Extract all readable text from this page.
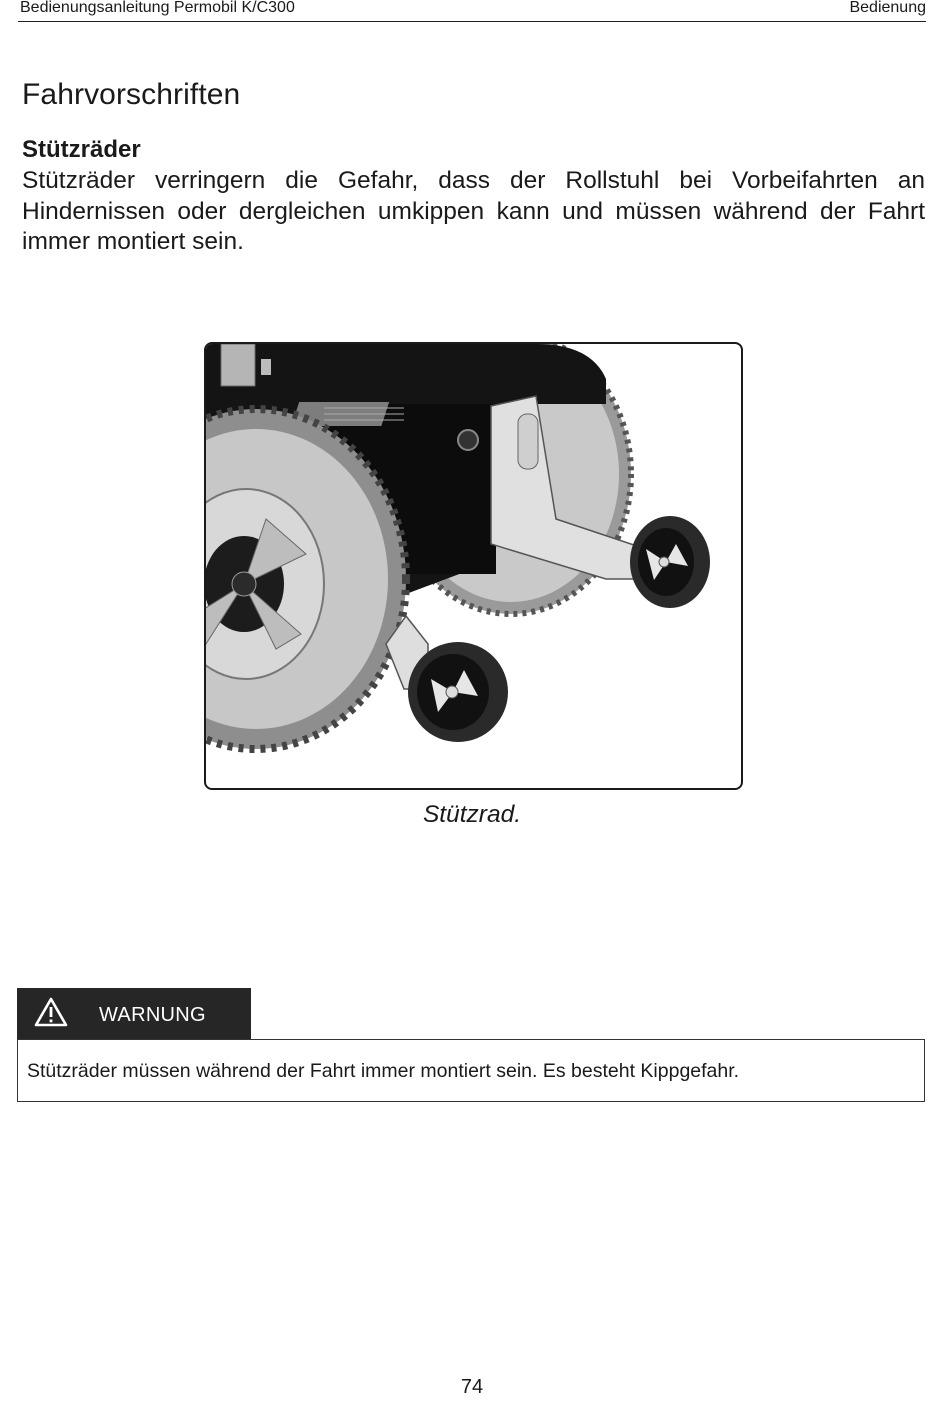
Bedienungsanleitung Permobil K/C300	Bedienung
Fahrvorschriften
Stützräder

Stützräder verringern die Gefahr, dass der Rollstuhl bei Vorbeifahrten an Hindernissen oder dergleichen umkippen kann und müssen während der Fahrt immer montiert sein.

Stützrad.
WARNUNG
Stützräder müssen während der Fahrt immer montiert sein. Es besteht Kippgefahr.
74
